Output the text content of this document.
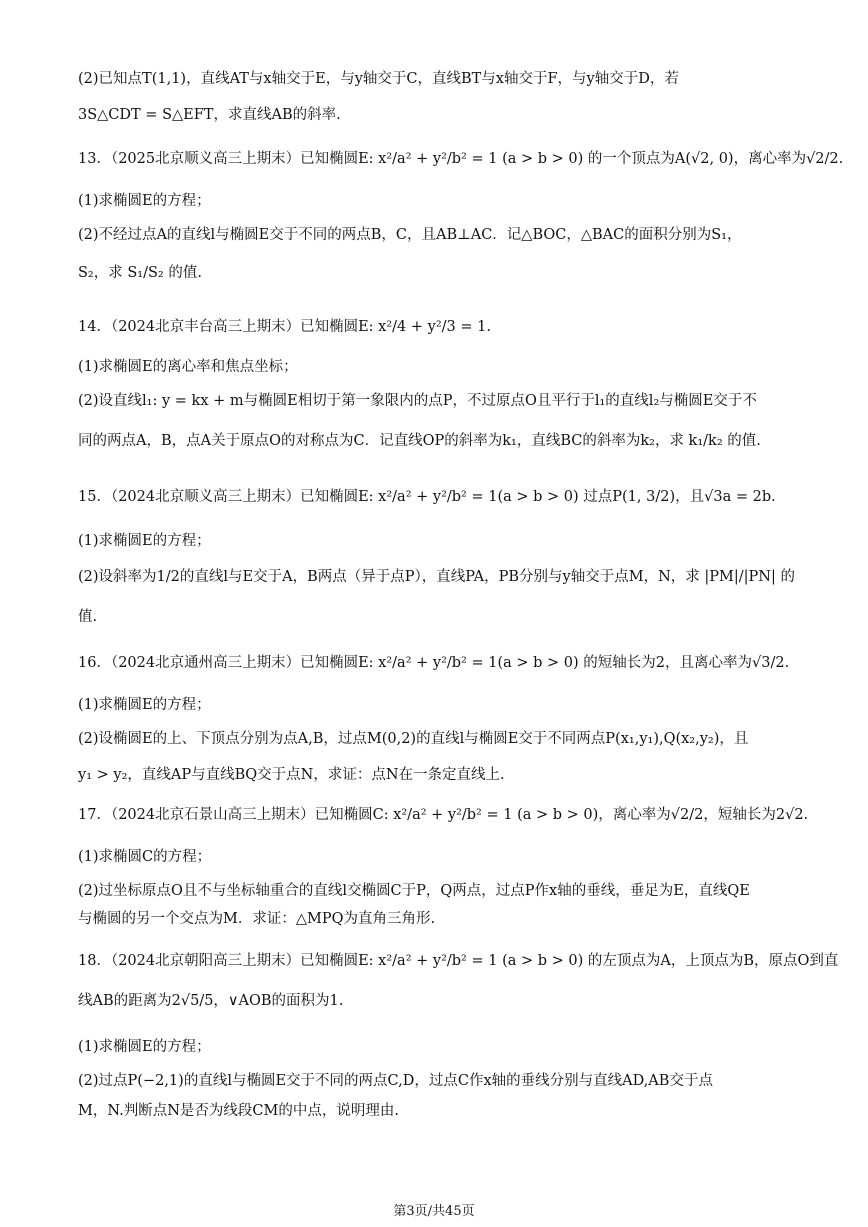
(2)已知点T(1,1)，直线AT与x轴交于E，与y轴交于C，直线BT与x轴交于F，与y轴交于D，若
3S△CDT = S△EFT，求直线AB的斜率.
13．（2025北京顺义高三上期末）已知椭圆E: x²/a² + y²/b² = 1 (a > b > 0) 的一个顶点为A(√2, 0)，离心率为√2/2.
(1)求椭圆E的方程；
(2)不经过点A的直线l与椭圆E交于不同的两点B，C，且AB⊥AC．记△BOC，△BAC的面积分别为S₁，
S₂，求 S₁/S₂ 的值.
14．（2024北京丰台高三上期末）已知椭圆E: x²/4 + y²/3 = 1.
(1)求椭圆E的离心率和焦点坐标；
(2)设直线l₁: y = kx + m与椭圆E相切于第一象限内的点P，不过原点O且平行于l₁的直线l₂与椭圆E交于不
同的两点A，B，点A关于原点O的对称点为C．记直线OP的斜率为k₁，直线BC的斜率为k₂，求 k₁/k₂ 的值.
15．（2024北京顺义高三上期末）已知椭圆E: x²/a² + y²/b² = 1(a > b > 0) 过点P(1, 3/2)，且√3a = 2b.
(1)求椭圆E的方程；
(2)设斜率为1/2的直线l与E交于A，B两点（异于点P），直线PA，PB分别与y轴交于点M，N，求 |PM|/|PN| 的
值.
16．（2024北京通州高三上期末）已知椭圆E: x²/a² + y²/b² = 1(a > b > 0) 的短轴长为2，且离心率为√3/2.
(1)求椭圆E的方程；
(2)设椭圆E的上、下顶点分别为点A,B，过点M(0,2)的直线l与椭圆E交于不同两点P(x₁,y₁),Q(x₂,y₂)，且
y₁ > y₂，直线AP与直线BQ交于点N，求证：点N在一条定直线上.
17．（2024北京石景山高三上期末）已知椭圆C: x²/a² + y²/b² = 1 (a > b > 0)，离心率为√2/2，短轴长为2√2.
(1)求椭圆C的方程；
(2)过坐标原点O且不与坐标轴重合的直线l交椭圆C于P，Q两点，过点P作x轴的垂线，垂足为E，直线QE
与椭圆的另一个交点为M．求证：△MPQ为直角三角形.
18．（2024北京朝阳高三上期末）已知椭圆E: x²/a² + y²/b² = 1 (a > b > 0) 的左顶点为A，上顶点为B，原点O到直
线AB的距离为2√5/5，∨AOB的面积为1.
(1)求椭圆E的方程；
(2)过点P(−2,1)的直线l与椭圆E交于不同的两点C,D，过点C作x轴的垂线分别与直线AD,AB交于点
M，N.判断点N是否为线段CM的中点，说明理由.
第3页/共45页
